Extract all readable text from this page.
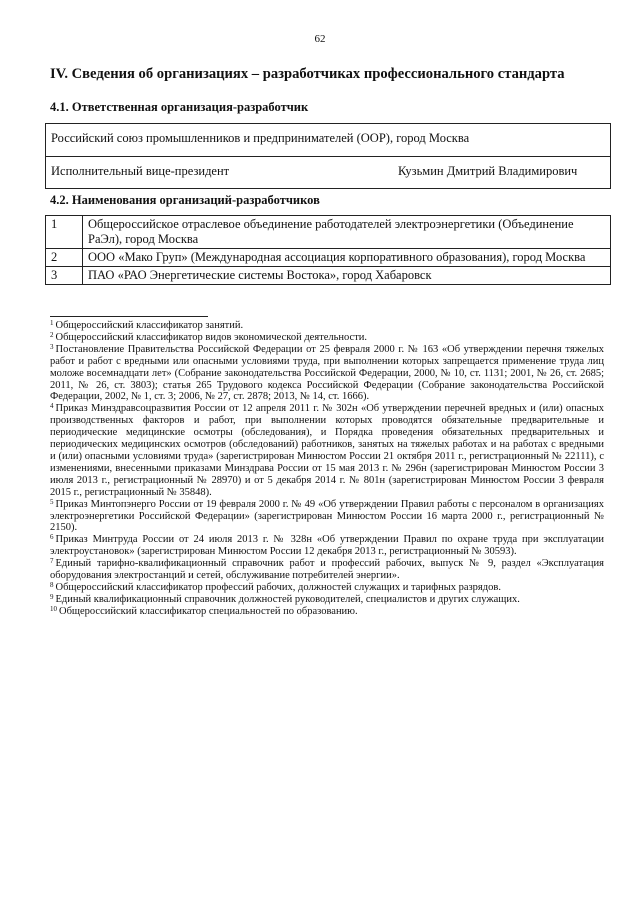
62
IV. Сведения об организациях – разработчиках профессионального стандарта
4.1. Ответственная организация-разработчик
Российский союз промышленников и предпринимателей (ООР), город Москва
Исполнительный вице-президент	Кузьмин Дмитрий Владимирович
4.2. Наименования организаций-разработчиков
1	Общероссийское отраслевое объединение работодателей электроэнергетики (Объединение РаЭл), город Москва
2	ООО «Мако Груп» (Международная ассоциация корпоративного образования), город Москва
3	ПАО «РАО Энергетические системы Востока», город Хабаровск

$^1$ Общероссийский классификатор занятий.

$^2$ Общероссийский классификатор видов экономической деятельности.

$^3$ Постановление Правительства Российской Федерации от 25 февраля 2000 г. № 163 «Об утверждении перечня тяжелых работ и работ с вредными или опасными условиями труда, при выполнении которых запрещается применение труда лиц моложе восемнадцати лет» (Собрание законодательства Российской Федерации, 2000, № 10, ст. 1131; 2001, № 26, ст. 2685; 2011, № 26, ст. 3803); статья 265 Трудового кодекса Российской Федерации (Собрание законодательства Российской Федерации, 2002, № 1, ст. 3; 2006, № 27, ст. 2878; 2013, № 14, ст. 1666).

$^4$ Приказ Минздравсоцразвития России от 12 апреля 2011 г. № 302н «Об утверждении перечней вредных и (или) опасных производственных факторов и работ, при выполнении которых проводятся обязательные предварительные и периодические медицинские осмотры (обследования), и Порядка проведения обязательных предварительных и периодических медицинских осмотров (обследований) работников, занятых на тяжелых работах и на работах с вредными и (или) опасными условиями труда» (зарегистрирован Минюстом России 21 октября 2011 г., регистрационный № 22111), с изменениями, внесенными приказами Минздрава России от 15 мая 2013 г. № 296н (зарегистрирован Минюстом России 3 июля 2013 г., регистрационный № 28970) и от 5 декабря 2014 г. № 801н (зарегистрирован Минюстом России 3 февраля 2015 г., регистрационный № 35848).

$^5$ Приказ Минтопэнерго России от 19 февраля 2000 г. № 49 «Об утверждении Правил работы с персоналом в организациях электроэнергетики Российской Федерации» (зарегистрирован Минюстом России 16 марта 2000 г., регистрационный № 2150).

$^6$ Приказ Минтруда России от 24 июля 2013 г. № 328н «Об утверждении Правил по охране труда при эксплуатации электроустановок» (зарегистрирован Минюстом России 12 декабря 2013 г., регистрационный № 30593).

$^7$ Единый тарифно-квалификационный справочник работ и профессий рабочих, выпуск № 9, раздел «Эксплуатация оборудования электростанций и сетей, обслуживание потребителей энергии».

$^8$ Общероссийский классификатор профессий рабочих, должностей служащих и тарифных разрядов.

$^9$ Единый квалификационный справочник должностей руководителей, специалистов и других служащих.

$^{10}$ Общероссийский классификатор специальностей по образованию.
